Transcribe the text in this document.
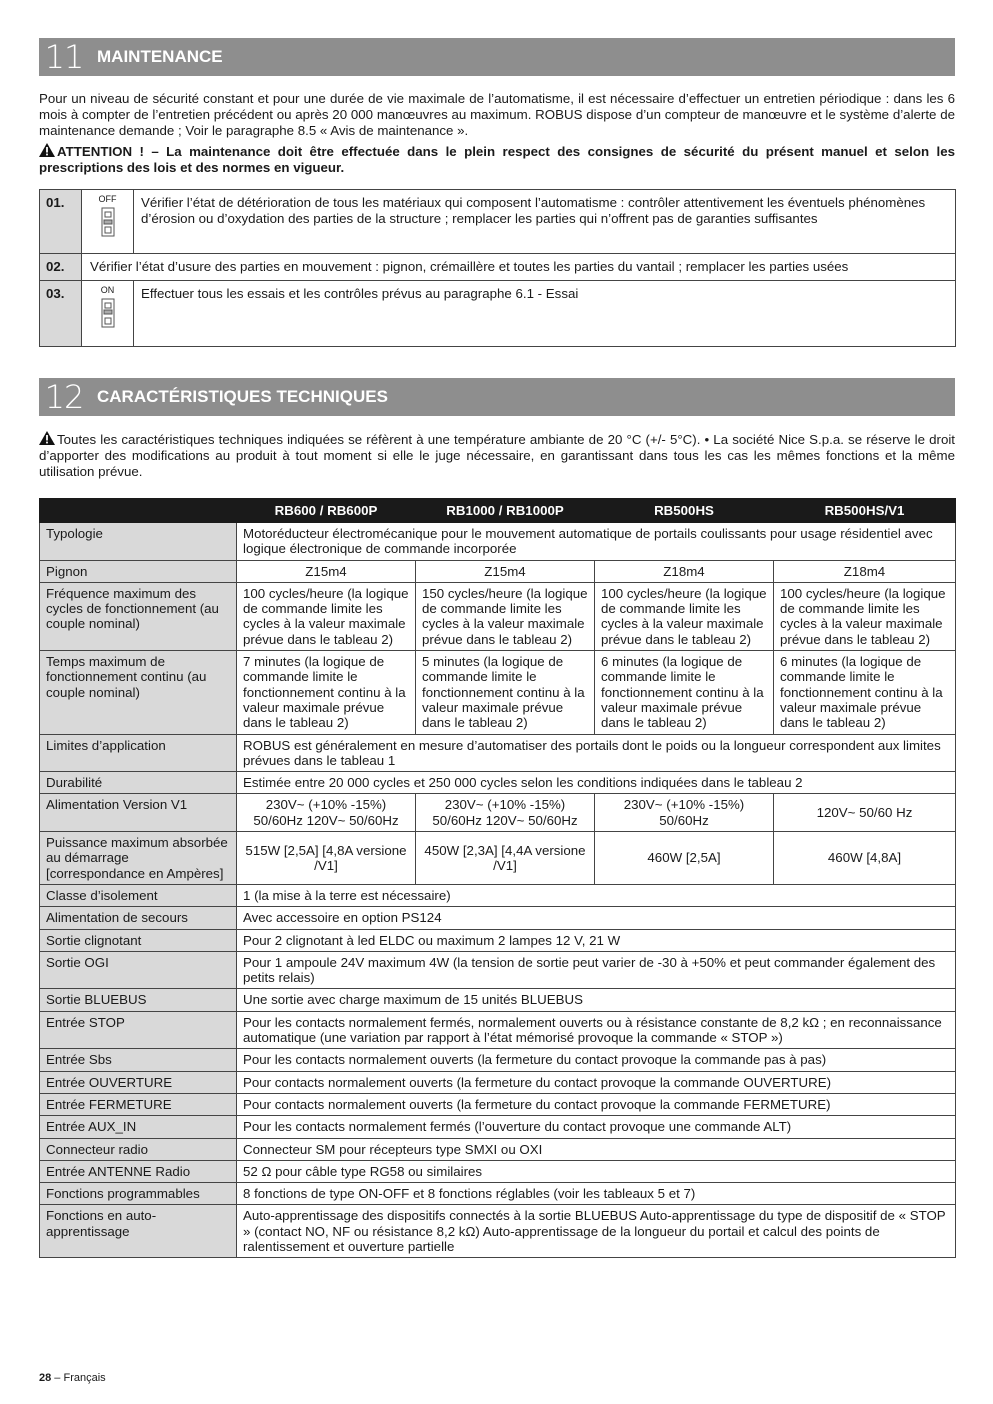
11 MAINTENANCE

Pour un niveau de sécurité constant et pour une durée de vie maximale de l’automatisme, il est nécessaire d’effectuer un entretien périodique : dans les 6 mois à compter de l’entretien précédent ou après 20 000 manœuvres au maximum. ROBUS dispose d’un compteur de manœuvre et le système d’alerte de maintenance demande ; Voir le paragraphe 8.5 « Avis de maintenance ».

ATTENTION ! – La maintenance doit être effectuée dans le plein respect des consignes de sécurité du présent manuel et selon les prescriptions des lois et des normes en vigueur.

01.	OFF	Vérifier l’état de détérioration de tous les matériaux qui composent l’automatisme : contrôler attentivement les éventuels phénomènes d’érosion ou d’oxydation des parties de la structure ; remplacer les parties qui n’offrent pas de garanties suffisantes
02.	Vérifier l’état d’usure des parties en mouvement : pignon, crémaillère et toutes les parties du vantail ; remplacer les parties usées	
03.	ON	Effectuer tous les essais et les contrôles prévus au paragraphe 6.1 - Essai
12 CARACTÉRISTIQUES TECHNIQUES

Toutes les caractéristiques techniques indiquées se réfèrent à une température ambiante de 20 °C (+/- 5°C). • La société Nice S.p.a. se réserve le droit d’apporter des modifications au produit à tout moment si elle le juge nécessaire, en garantissant dans tous les cas les mêmes fonctions et la même utilisation prévue.

	RB600 / RB600P	RB1000 / RB1000P	RB500HS	RB500HS/V1
Typologie	Motoréducteur électromécanique pour le mouvement automatique de portails coulissants pour usage résidentiel avec logique électronique de commande incorporée			
Pignon	Z15m4	Z15m4	Z18m4	Z18m4
Fréquence maximum des cycles de fonctionnement (au couple nominal)	100 cycles/heure (la logique de commande limite les cycles à la valeur maximale prévue dans le tableau 2)	150 cycles/heure (la logique de commande limite les cycles à la valeur maximale prévue dans le tableau 2)	100 cycles/heure (la logique de commande limite les cycles à la valeur maximale prévue dans le tableau 2)	100 cycles/heure (la logique de commande limite les cycles à la valeur maximale prévue dans le tableau 2)
Temps maximum de fonctionnement continu (au couple nominal)	7 minutes (la logique de commande limite le fonctionnement continu à la valeur maximale prévue dans le tableau 2)	5 minutes (la logique de commande limite le fonctionnement continu à la valeur maximale prévue dans le tableau 2)	6 minutes (la logique de commande limite le fonctionnement continu à la valeur maximale prévue dans le tableau 2)	6 minutes (la logique de commande limite le fonctionnement continu à la valeur maximale prévue dans le tableau 2)
Limites d’application	ROBUS est généralement en mesure d’automatiser des portails dont le poids ou la longueur correspondent aux limites prévues dans le tableau 1			
Durabilité	Estimée entre 20 000 cycles et 250 000 cycles selon les conditions indiquées dans le tableau 2			
Alimentation Version V1	230V~ (+10% -15%) 50/60Hz 120V~ 50/60Hz	230V~ (+10% -15%) 50/60Hz 120V~ 50/60Hz	230V~ (+10% -15%) 50/60Hz	120V~ 50/60 Hz
Puissance maximum absorbée au démarrage [correspondance en Ampères]	515W [2,5A] [4,8A versione /V1]	450W [2,3A] [4,4A versione /V1]	460W [2,5A]	460W [4,8A]
Classe d’isolement	1 (la mise à la terre est nécessaire)			
Alimentation de secours	Avec accessoire en option PS124			
Sortie clignotant	Pour 2 clignotant à led ELDC ou maximum 2 lampes 12 V, 21 W			
Sortie OGI	Pour 1 ampoule 24V maximum 4W (la tension de sortie peut varier de -30 à +50% et peut commander également des petits relais)			
Sortie BLUEBUS	Une sortie avec charge maximum de 15 unités BLUEBUS			
Entrée STOP	Pour les contacts normalement fermés, normalement ouverts ou à résistance constante de 8,2 kΩ ; en reconnaissance automatique (une variation par rapport à l’état mémorisé provoque la commande « STOP »)			
Entrée Sbs	Pour les contacts normalement ouverts (la fermeture du contact provoque la commande pas à pas)			
Entrée OUVERTURE	Pour contacts normalement ouverts (la fermeture du contact provoque la commande OUVERTURE)			
Entrée FERMETURE	Pour contacts normalement ouverts (la fermeture du contact provoque la commande FERMETURE)			
Entrée AUX_IN	Pour les contacts normalement fermés (l’ouverture du contact provoque une commande ALT)			
Connecteur radio	Connecteur SM pour récepteurs type SMXI ou OXI			
Entrée ANTENNE Radio	52 Ω pour câble type RG58 ou similaires			
Fonctions programmables	8 fonctions de type ON-OFF et 8 fonctions réglables (voir les tableaux 5 et 7)			
Fonctions en auto-apprentissage	Auto-apprentissage des dispositifs connectés à la sortie BLUEBUS Auto-apprentissage du type de dispositif de « STOP » (contact NO, NF ou résistance 8,2 kΩ) Auto-apprentissage de la longueur du portail et calcul des points de ralentissement et ouverture partielle			
28 – Français
